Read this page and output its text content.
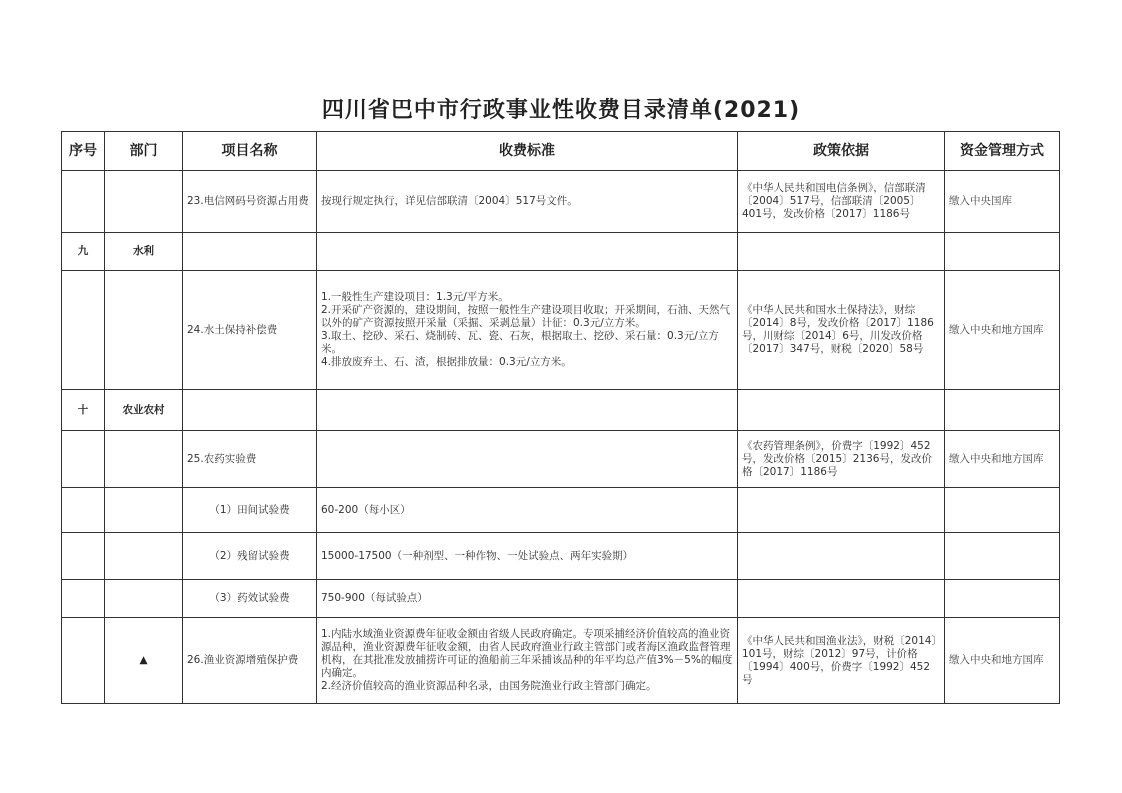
四川省巴中市行政事业性收费目录清单(2021)
序号	部门	项目名称	收费标准	政策依据	资金管理方式
		23.电信网码号资源占用费	按现行规定执行，详见信部联清〔2004〕517号文件。	《中华人民共和国电信条例》，信部联清〔2004〕517号，信部联清〔2005〕401号，发改价格〔2017〕1186号	缴入中央国库
九	水利				
		24.水土保持补偿费	1.一般性生产建设项目：1.3元/平方米。
2.开采矿产资源的，建设期间，按照一般性生产建设项目收取；开采期间，石油、天然气以外的矿产资源按照开采量（采掘、采剥总量）计征：0.3元/立方米。
3.取土、挖砂、采石、烧制砖、瓦、瓷、石灰，根据取土、挖砂、采石量：0.3元/立方米。
4.排放废弃土、石、渣，根据排放量：0.3元/立方米。	《中华人民共和国水土保持法》，财综〔2014〕8号，发改价格〔2017〕1186号，川财综〔2014〕6号，川发改价格〔2017〕347号，财税〔2020〕58号	缴入中央和地方国库
十	农业农村				
		25.农药实验费		《农药管理条例》，价费字〔1992〕452号，发改价格〔2015〕2136号，发改价格〔2017〕1186号	缴入中央和地方国库
		（1）田间试验费	60-200（每小区）		
		（2）残留试验费	15000-17500（一种剂型、一种作物、一处试验点、两年实验期）		
		（3）药效试验费	750-900（每试验点）		
	▲	26.渔业资源增殖保护费	1.内陆水域渔业资源费年征收金额由省级人民政府确定。专项采捕经济价值较高的渔业资源品种，渔业资源费年征收金额，由省人民政府渔业行政主管部门或者海区渔政监督管理机构，在其批准发放捕捞许可证的渔船前三年采捕该品种的年平均总产值3%－5%的幅度内确定。
2.经济价值较高的渔业资源品种名录，由国务院渔业行政主管部门确定。	《中华人民共和国渔业法》，财税〔2014〕101号，财综〔2012〕97号，计价格〔1994〕400号，价费字〔1992〕452号	缴入中央和地方国库
